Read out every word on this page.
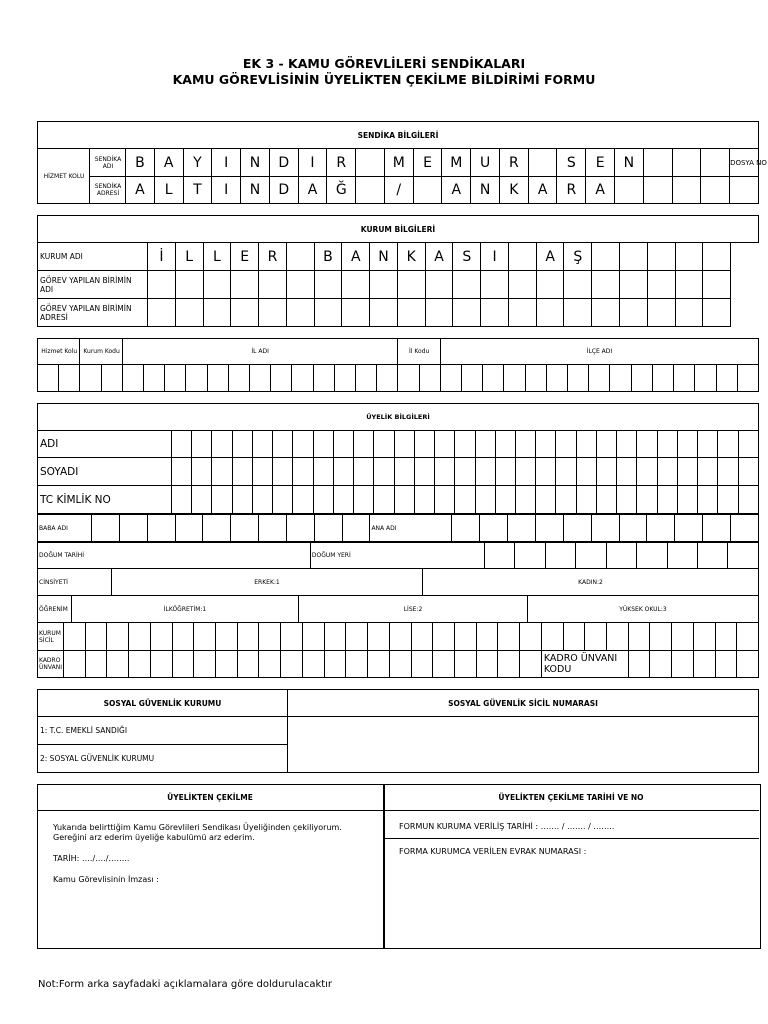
EK 3 - KAMU GÖREVLİLERİ SENDİKALARI
KAMU GÖREVLİSİNİN ÜYELİKTEN ÇEKİLME BİLDİRİMİ FORMU
SENDİKA BİLGİLERİ																							
HİZMET KOLU	SENDİKA ADI	B	A	Y	I	N	D	I	R		M	E	M	U	R		S	E	N				DOSYA NO
	SENDİKA ADRESİ	A	L	T	I	N	D	A	Ğ		/		A	N	K	A	R	A					
KURUM BİLGİLERİ																					
KURUM ADI	İ	L	L	E	R		B	A	N	K	A	S	I		A	Ş					
GÖREV YAPILAN BİRİMİN ADI																					
GÖREV YAPILAN BİRİMİN ADRESİ																					
Hizmet Kolu		Kurum Kodu		İL ADI													İl Kodu		İLÇE ADI														

ÜYELİK BİLGİLERİ																													
ADI																													
SOYADI																													
TC KİMLİK NO																													
BABA ADI											ANA ADI											
DOĞUM TARİHİ	DOĞUM YERİ									
CİNSİYETİ	ERKEK:1	KADIN:2
ÖĞRENİM	İLKÖĞRETİM:1	LİSE:2	YÜKSEK OKUL:3
KURUM SİCİL																																
KADRO ÜNVANI																							KADRO ÜNVANI KODU									
SOSYAL GÜVENLİK KURUMU	SOSYAL GÜVENLİK SİCİL NUMARASI
1: T.C. EMEKLİ SANDIĞI	
2: SOSYAL GÜVENLİK KURUMU	
ÜYELİKTEN ÇEKİLME	ÜYELİKTEN ÇEKİLME TARİHİ VE NO
Yukarıda belirttiğim Kamu Görevlileri Sendikası Üyeliğinden çekiliyorum.
Gereğini arz ederim üyeliğe kabulümü arz ederim.
TARİH: …./…./……..
Kamu Görevlisinin İmzası :
FORMUN KURUMA VERİLİŞ TARİHİ : ……. / ……. / ……..
FORMA KURUMCA VERİLEN EVRAK NUMARASI :
Not:Form arka sayfadaki açıklamalara göre doldurulacaktır
